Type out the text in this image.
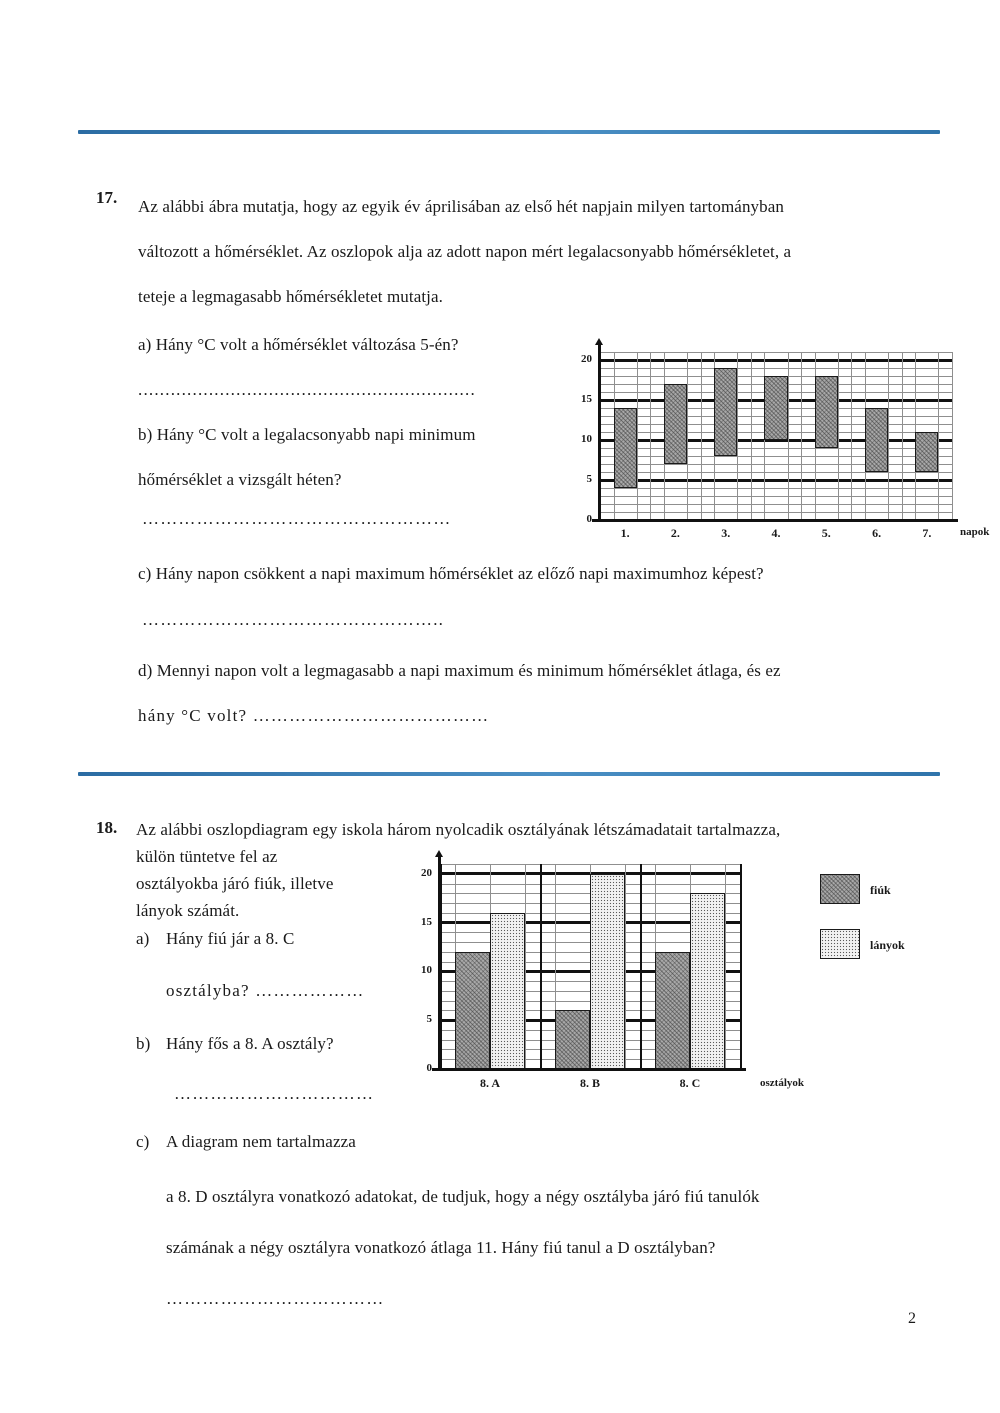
17. Az alábbi ábra mutatja, hogy az egyik év áprilisában az első hét napjain milyen tartományban
változott a hőmérséklet. Az oszlopok alja az adott napon mért legalacsonyabb hőmérsékletet, a
teteje a legmagasabb hőmérsékletet mutatja.
a) Hány °C volt a hőmérséklet változása 5-én?
..............................................................
b) Hány °C volt a legalacsonyabb napi minimum
hőmérséklet a vizsgált héten?
……………………………………………
c) Hány napon csökkent a napi maximum hőmérséklet az előző napi maximumhoz képest?
…………………………………………..
d) Mennyi napon volt a legmagasabb a napi maximum és minimum hőmérséklet átlaga, és ez
hány °C volt? …………………………………
0
5
10
15
20
1.	2.	3.	4.	5.	6.	7.	napok
18. Az alábbi oszlopdiagram egy iskola három nyolcadik osztályának létszámadatait tartalmazza,
külön tüntetve fel az
osztályokba járó fiúk, illetve
lányok számát.
a) Hány fiú jár a 8. C
osztályba? ………………
b) Hány fős a 8. A osztály?
……………………………
c) A diagram nem tartalmazza
a 8. D osztályra vonatkozó adatokat, de tudjuk, hogy a négy osztályba járó fiú tanulók
számának a négy osztályra vonatkozó átlaga 11. Hány fiú tanul a D osztályban?
………………………………
0
5
10
15
20
8. A	8. B	8. C	osztályok
fiúk
lányok
2
